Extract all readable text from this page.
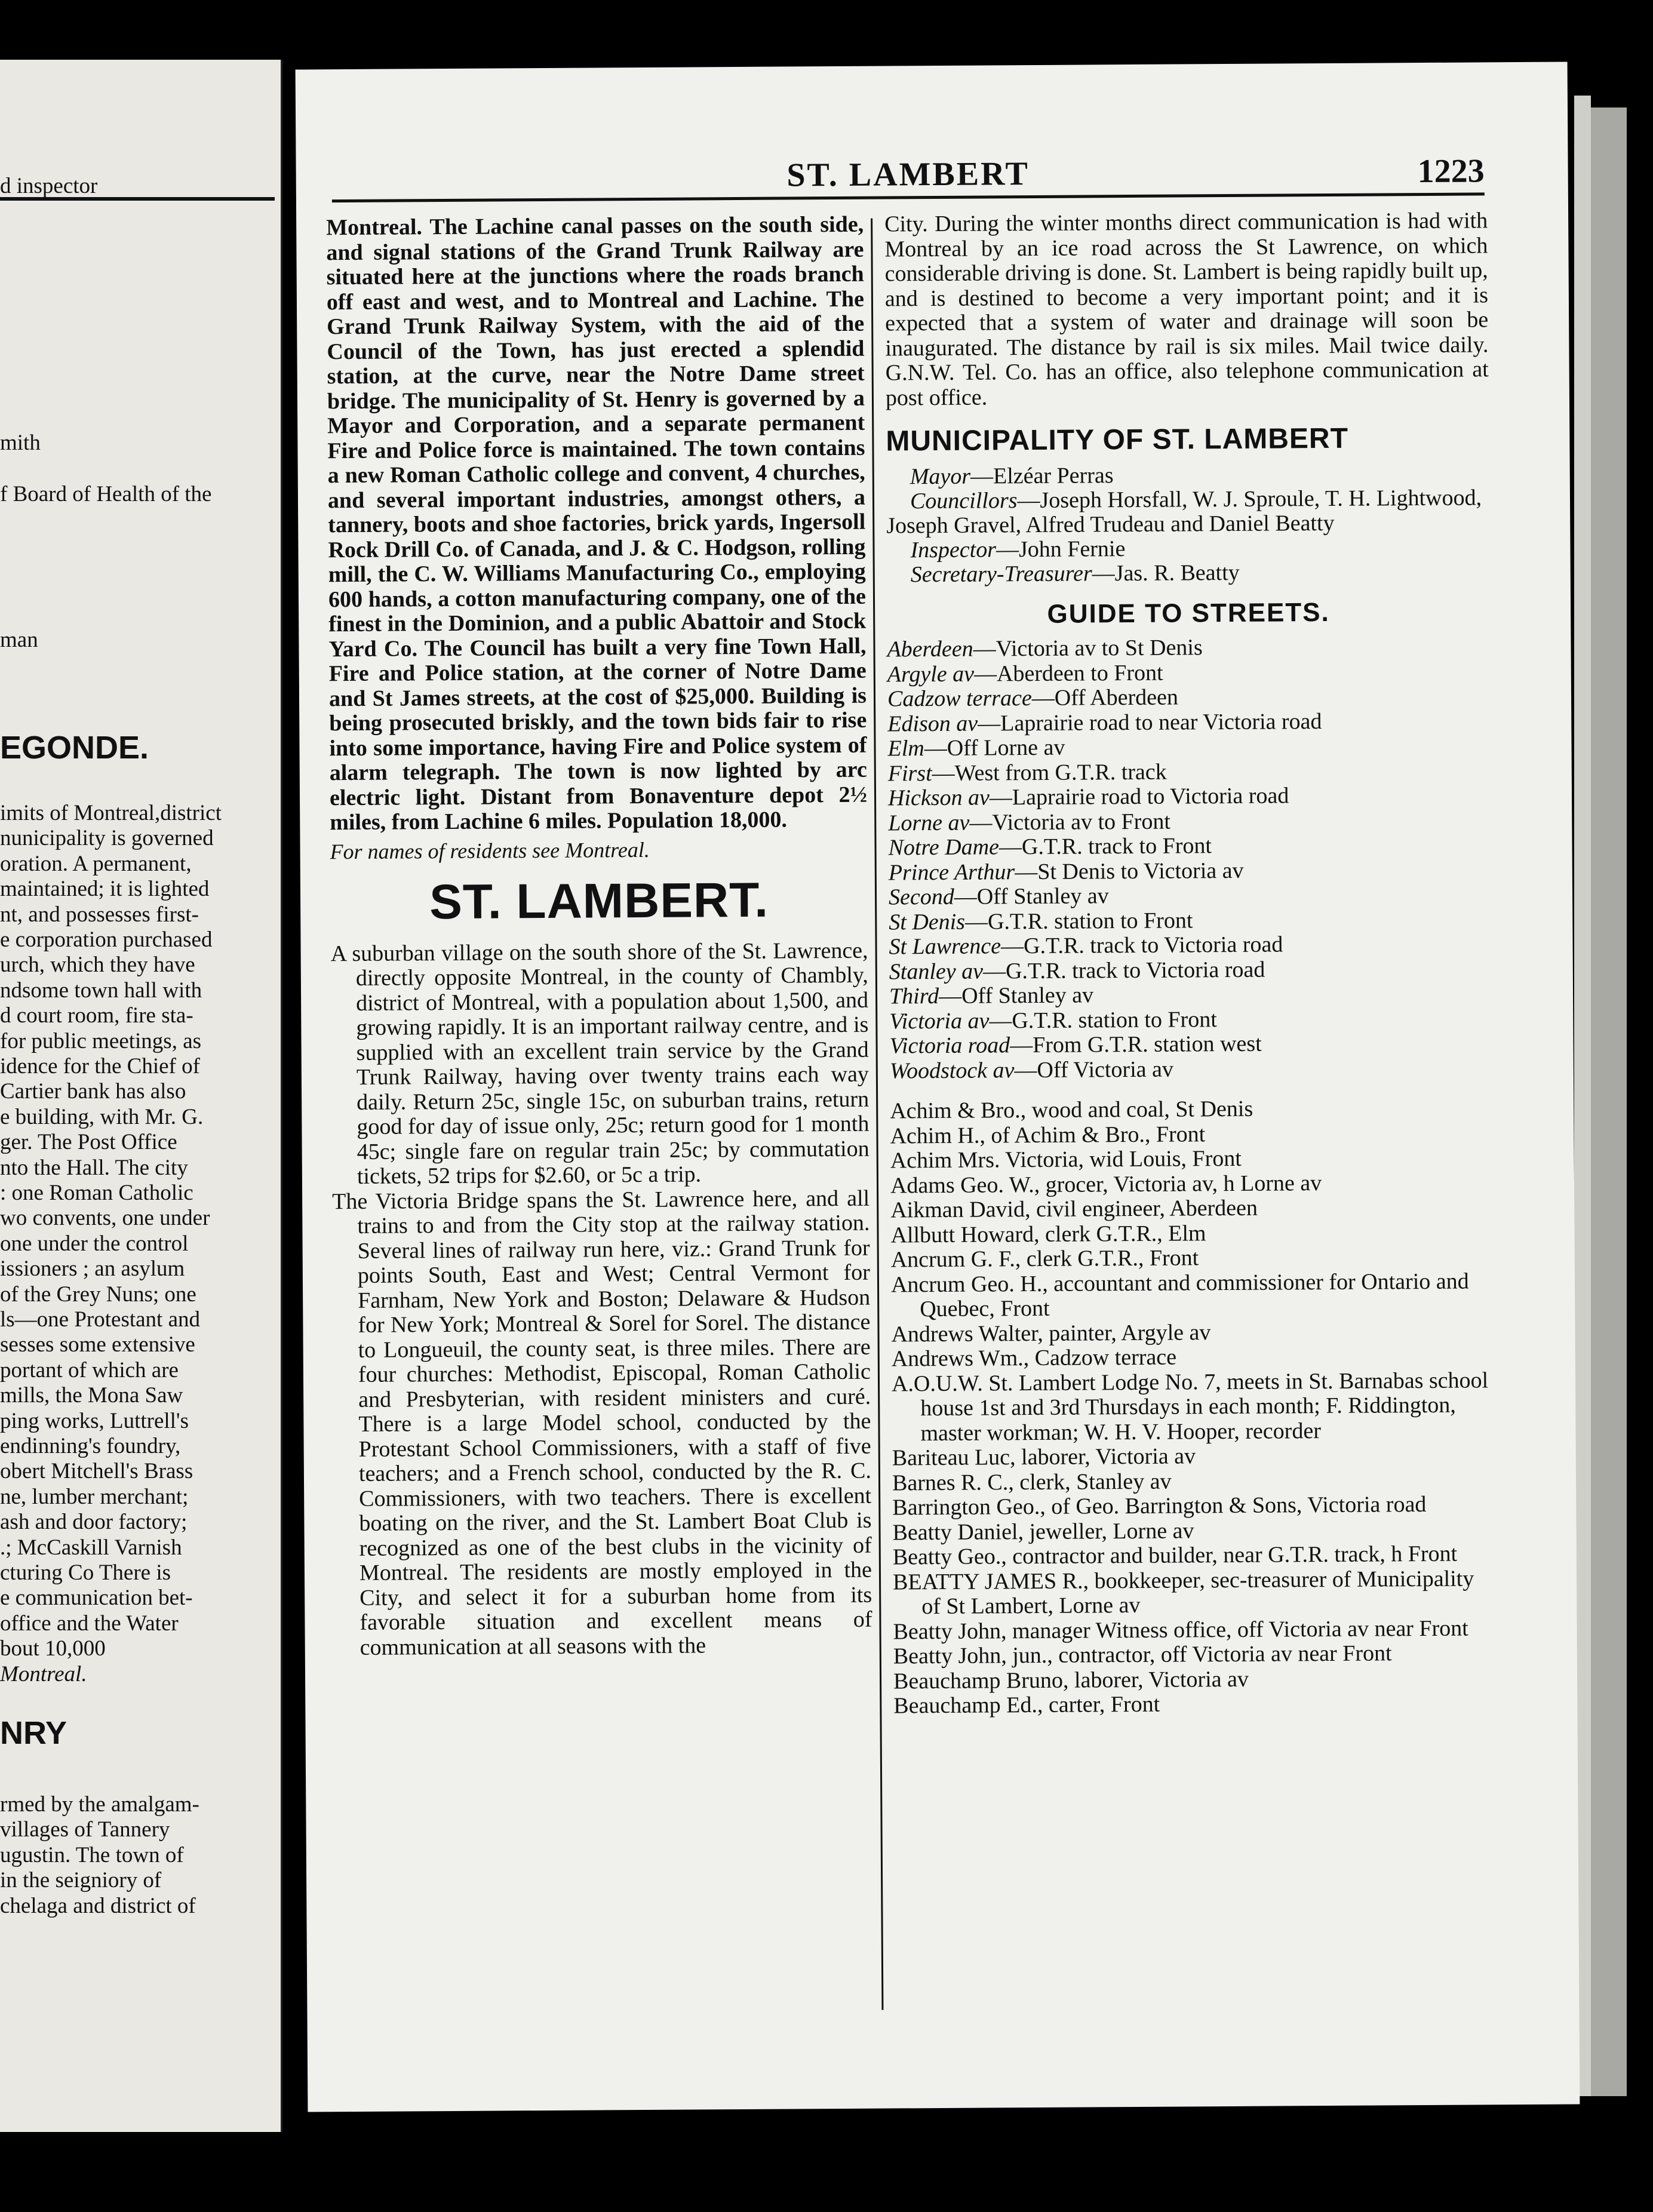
d inspector
mith
f Board of Health of the
man
EGONDE.
imits of Montreal,district
nunicipality is governed
oration. A permanent,
maintained; it is lighted
nt, and possesses first-
e corporation purchased
urch, which they have
ndsome town hall with
d court room, fire sta-
for public meetings, as
idence for the Chief of
Cartier bank has also
e building, with Mr. G.
ger. The Post Office
nto the Hall. The city
: one Roman Catholic
wo convents, one under
one under the control
issioners ; an asylum
of the Grey Nuns; one
ls—one Protestant and
sesses some extensive
portant of which are
mills, the Mona Saw
ping works, Luttrell's
endinning's foundry,
obert Mitchell's Brass
ne, lumber merchant;
ash and door factory;
.; McCaskill Varnish
cturing Co There is
e communication bet-
office and the Water
bout 10,000
Montreal.
NRY
rmed by the amalgam-
villages of Tannery
ugustin. The town of
in the seigniory of
chelaga and district of
ST. LAMBERT	1223

Montreal. The Lachine canal passes on the south side, and signal stations of the Grand Trunk Railway are situated here at the junctions where the roads branch off east and west, and to Montreal and Lachine. The Grand Trunk Railway System, with the aid of the Council of the Town, has just erected a splendid station, at the curve, near the Notre Dame street bridge. The municipality of St. Henry is governed by a Mayor and Corporation, and a separate permanent Fire and Police force is maintained. The town contains a new Roman Catholic college and convent, 4 churches, and several important industries, amongst others, a tannery, boots and shoe factories, brick yards, Ingersoll Rock Drill Co. of Canada, and J. & C. Hodgson, rolling mill, the C. W. Williams Manufacturing Co., employing 600 hands, a cotton manufacturing company, one of the finest in the Dominion, and a public Abattoir and Stock Yard Co. The Council has built a very fine Town Hall, Fire and Police station, at the corner of Notre Dame and St James streets, at the cost of $25,000. Building is being prosecuted briskly, and the town bids fair to rise into some importance, having Fire and Police system of alarm telegraph. The town is now lighted by arc electric light. Distant from Bonaventure depot 2½ miles, from Lachine 6 miles. Population 18,000.

For names of residents see Montreal.

ST. LAMBERT.

A suburban village on the south shore of the St. Lawrence, directly opposite Montreal, in the county of Chambly, district of Montreal, with a population about 1,500, and growing rapidly. It is an important railway centre, and is supplied with an excellent train service by the Grand Trunk Railway, having over twenty trains each way daily. Return 25c, single 15c, on suburban trains, return good for day of issue only, 25c; return good for 1 month 45c; single fare on regular train 25c; by commutation tickets, 52 trips for $2.60, or 5c a trip.

The Victoria Bridge spans the St. Lawrence here, and all trains to and from the City stop at the railway station. Several lines of railway run here, viz.: Grand Trunk for points South, East and West; Central Vermont for Farnham, New York and Boston; Delaware & Hudson for New York; Montreal & Sorel for Sorel. The distance to Longueuil, the county seat, is three miles. There are four churches: Methodist, Episcopal, Roman Catholic and Presbyterian, with resident ministers and curé. There is a large Model school, conducted by the Protestant School Commissioners, with a staff of five teachers; and a French school, conducted by the R. C. Commissioners, with two teachers. There is excellent boating on the river, and the St. Lambert Boat Club is recognized as one of the best clubs in the vicinity of Montreal. The residents are mostly employed in the City, and select it for a suburban home from its favorable situation and excellent means of communication at all seasons with the

City. During the winter months direct communication is had with Montreal by an ice road across the St Lawrence, on which considerable driving is done. St. Lambert is being rapidly built up, and is destined to become a very important point; and it is expected that a system of water and drainage will soon be inaugurated. The distance by rail is six miles. Mail twice daily. G.N.W. Tel. Co. has an office, also telephone communication at post office.

MUNICIPALITY OF ST. LAMBERT

Mayor—Elzéar Perras

Councillors—Joseph Horsfall, W. J. Sproule, T. H. Lightwood, Joseph Gravel, Alfred Trudeau and Daniel Beatty

Inspector—John Fernie

Secretary-Treasurer—Jas. R. Beatty

GUIDE TO STREETS.

Aberdeen—Victoria av to St Denis

Argyle av—Aberdeen to Front

Cadzow terrace—Off Aberdeen

Edison av—Laprairie road to near Victoria road

Elm—Off Lorne av

First—West from G.T.R. track

Hickson av—Laprairie road to Victoria road

Lorne av—Victoria av to Front

Notre Dame—G.T.R. track to Front

Prince Arthur—St Denis to Victoria av

Second—Off Stanley av

St Denis—G.T.R. station to Front

St Lawrence—G.T.R. track to Victoria road

Stanley av—G.T.R. track to Victoria road

Third—Off Stanley av

Victoria av—G.T.R. station to Front

Victoria road—From G.T.R. station west

Woodstock av—Off Victoria av

Achim & Bro., wood and coal, St Denis

Achim H., of Achim & Bro., Front

Achim Mrs. Victoria, wid Louis, Front

Adams Geo. W., grocer, Victoria av, h Lorne av

Aikman David, civil engineer, Aberdeen

Allbutt Howard, clerk G.T.R., Elm

Ancrum G. F., clerk G.T.R., Front

Ancrum Geo. H., accountant and commissioner for Ontario and Quebec, Front

Andrews Walter, painter, Argyle av

Andrews Wm., Cadzow terrace

A.O.U.W. St. Lambert Lodge No. 7, meets in St. Barnabas school house 1st and 3rd Thursdays in each month; F. Riddington, master workman; W. H. V. Hooper, recorder

Bariteau Luc, laborer, Victoria av

Barnes R. C., clerk, Stanley av

Barrington Geo., of Geo. Barrington & Sons, Victoria road

Beatty Daniel, jeweller, Lorne av

Beatty Geo., contractor and builder, near G.T.R. track, h Front

BEATTY JAMES R., bookkeeper, sec-treasurer of Municipality of St Lambert, Lorne av

Beatty John, manager Witness office, off Victoria av near Front

Beatty John, jun., contractor, off Victoria av near Front

Beauchamp Bruno, laborer, Victoria av

Beauchamp Ed., carter, Front
